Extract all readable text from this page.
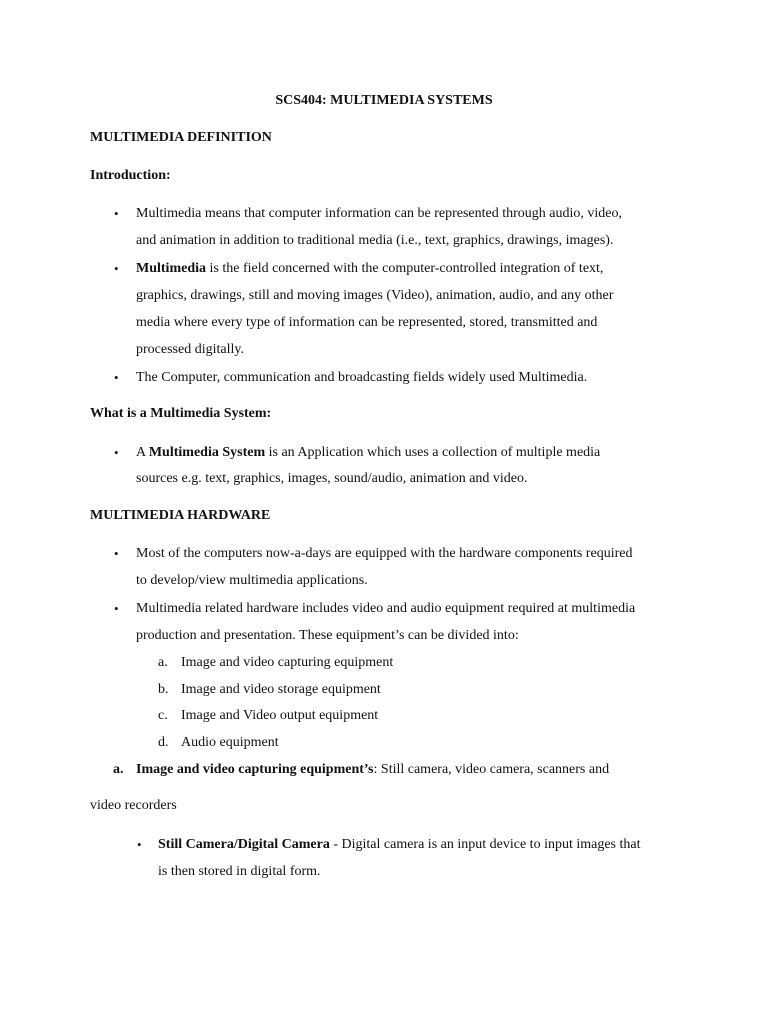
SCS404: MULTIMEDIA SYSTEMS
MULTIMEDIA DEFINITION
Introduction:
• Multimedia means that computer information can be represented through audio, video,
and animation in addition to traditional media (i.e., text, graphics, drawings, images).
• Multimedia is the field concerned with the computer-controlled integration of text,
graphics, drawings, still and moving images (Video), animation, audio, and any other
media where every type of information can be represented, stored, transmitted and
processed digitally.
• The Computer, communication and broadcasting fields widely used Multimedia.
What is a Multimedia System:
• A Multimedia System is an Application which uses a collection of multiple media
sources e.g. text, graphics, images, sound/audio, animation and video.
MULTIMEDIA HARDWARE
• Most of the computers now-a-days are equipped with the hardware components required
to develop/view multimedia applications.
• Multimedia related hardware includes video and audio equipment required at multimedia
production and presentation. These equipment’s can be divided into:
a. Image and video capturing equipment
b. Image and video storage equipment
c. Image and Video output equipment
d. Audio equipment
a. Image and video capturing equipment’s: Still camera, video camera, scanners and
video recorders
• Still Camera/Digital Camera - Digital camera is an input device to input images that
is then stored in digital form.
